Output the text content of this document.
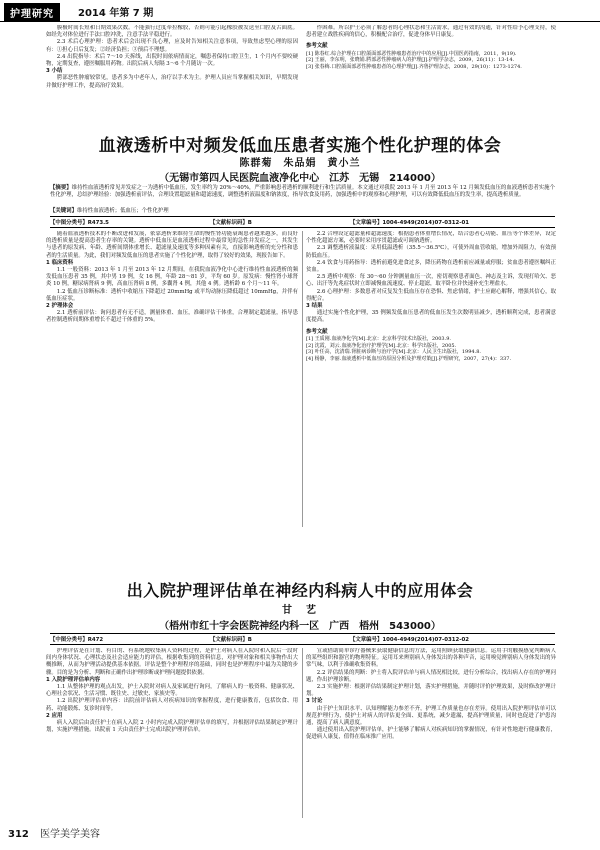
护理研究	2014 年第 7 期

膜极时间长短和日期效果次数。不能强行过度牵拉橡胶，否则可能引起橡胶被发送至口腔及舌面底。如经先对体位进行手法口腔冲洗，注意手法平稳进行。

2.3 术后心理护理：患者术后会出现不良心理，应及时告知相关注意事项，导致焦虑型心理的原因有：①担心日后复发；②经济负担；③预后不理想。

2.4 出院指导：术后 7～10 天拆线，出院时间依病情而定，嘱患者保持口腔卫生，1 个月内不要咬硬物，定期复查，遵医嘱服用药物。出院后病人每隔 3～6 个月随访一次。

3 小结

腭部恶性肿瘤较常见，患者多为中老年人，治疗以手术为主。护理人员应当掌握相关知识，早期发现并做好护理工作，提高治疗效果。

作困难。所以护士必须了解患者的心理状态和生活需求，通过有效的沟通，针对性给予心理支持，使患者建立战胜疾病的信心，积极配合治疗，促进身体早日康复。

参考文献

[1] 陈春红.综合护理在口腔颌面部恶性肿瘤患者治疗中的应用[J].中国医药指南，2011，9(19).
[2] 王丽，李东明，张晓娟.腭部恶性肿瘤病人的护理[J].护理学杂志，2009，26(11)：13-14.
[3] 张春梅.口腔颌面部恶性肿瘤患者的心理护理[J].齐鲁护理杂志，2008，29(10)：1273-1274.
血液透析中对频发低血压患者实施个性化护理的体会
陈群菊　朱品娟　黄小兰
（无锡市第四人民医院血液净化中心　江苏　无锡　214000）
【摘要】维持性血液透析常见并发症之一为透析中低血压，发生率约为 20%～40%，严重影响患者透析的顺利进行和生活质量。本文通过对我院 2013 年 1 月至 2013 年 12 月频发低血压的血液透析患者实施个性化护理，总结护理经验：加强透析前评估，合理设置超滤量和超滤速度，调整透析液温度和钠浓度，指导饮食及用药，加强透析中的观察和心理护理，可以有效降低低血压的发生率，提高透析质量。
【关键词】维持性血液透析；低血压；个性化护理
【中图分类号】R473.5	【文献标识码】B	【文章编号】1004-4949(2014)07-0312-01

随着血液透析技术的不断改进和发展，依靠透析来维持生命的慢性肾功能衰竭患者越来越多，而良好的透析质量是提高患者生存率的关键。透析中低血压是血液透析过程中最常见的急性并发症之一，其发生与患者的原发病、年龄、透析间期体重增长、超滤量及速度等多种因素有关，直接影响透析的充分性和患者的生活质量。为此，我们对频发低血压的患者实施了个性化护理，取得了较好的效果，现报告如下。

1 临床资料

1.1 一般资料：2013 年 1 月至 2013 年 12 月期间，在我院血液净化中心进行维持性血液透析的频发低血压患者 35 例，其中男 19 例，女 16 例，年龄 28～81 岁，平均 60 岁。原发病：慢性肾小球肾炎 10 例，糖尿病肾病 9 例，高血压肾病 8 例，多囊肾 4 例，其他 4 例。透析龄 6 个月～11 年。

1.2 低血压诊断标准：透析中收缩压下降超过 20mmHg 或平均动脉压降低超过 10mmHg，并伴有低血压症状。

2 护理体会

2.1 透析前评估：询问患者有无不适，测量体重、血压，准确评估干体重，合理制定超滤量，指导患者控制透析间期体重增长不超过干体重的 5%。

2.2 合理设定超滤量和超滤速度：根据患者体重增长情况，结合患者心功能、血压等个体差异，设定个性化超滤方案，必要时采用序贯超滤或可调钠透析。

2.3 调整透析液温度：采用低温透析（35.5～36.5℃），可使外周血管收缩，增加外周阻力，有效预防低血压。

2.4 饮食与用药指导：透析前避免进食过多，降压药物在透析前应减量或停服；贫血患者遵医嘱纠正贫血。

2.5 透析中观察：每 30～60 分钟测量血压一次，密切观察患者面色、神志及主诉，发现打哈欠、恶心、出汗等先兆症状时立即减慢血流速度、停止超滤，取平卧位并快速补充生理盐水。

2.6 心理护理：多数患者对反复发生低血压存在恐惧、焦虑情绪，护士应耐心解释，增强其信心，取得配合。

3 结果

通过实施个性化护理，35 例频发低血压患者的低血压发生次数明显减少，透析顺利完成，患者满意度提高。

参考文献

[1] 王质刚.血液净化学[M].北京：北京科学技术出版社，2003.9.
[2] 沈霞，刘云.血液净化治疗护理学[M].北京：科学出版社，2005.
[3] 叶任高，沈清瑞.肾脏病诊断与治疗学[M].北京：人民卫生出版社，1994.8.
[4] 杨静，李丽.血液透析中低血压的原因分析及护理对策[J].护理研究，2007，27(4)：337.
出入院护理评估单在神经内科病人中的应用体会
甘　艺
（梧州市红十字会医院神经内科一区　广西　梧州　543000）
【中图分类号】R472	【文献标识码】B	【文章编号】1004-4949(2014)07-0312-02

护理评估是在计划、有目的、有系统地收集病人资料的过程，是护士对病人在入院时和入院后一段时间内身体状况、心理状态及社会适应能力的评估，根据收集到的资料信息，对护理对象和相关事物作出大概推断，从而为护理活动提供基本依据。评估是整个护理程序的基础，同时也是护理程序中最为关键的步骤。目的是为分析、判断和正确作出护理诊断或护理问题提供依据。

1 入院护理评估单内容

1.1 从整体护理的观点出发，护士入院时对病人及家属进行询问，了解病人的一般资料、健康状况、心理社会状况、生活习惯、既往史、过敏史、家族史等。

1.2 出院护理评估单内容：出院前评估病人对疾病知识的掌握程度，进行健康教育，包括饮食、用药、功能锻炼、复诊时间等。

2 应用

病人入院后由责任护士在病人入院 2 小时内完成入院护理评估单的填写，并根据评估结果制定护理计划，实施护理措施。出院前 1 天由责任护士完成出院护理评估单。

宣或借助简单诊疗器械来获取健康信息的方法，运用照顾获取健康信息。运用手的触摸感觉判断病人的某些组织和器官的物理特征。运用耳来辨别病人身体发出的各种声音，运用嗅觉辨别病人身体发出的异常气味，以利于准确收集资料。

2.2 评估结果的判断：护士将入院评估单与病人情况相比较，进行分析综合，找出病人存在的护理问题，作出护理诊断。

2.3 实施护理：根据评估结果制定护理计划，落实护理措施，并随时评价护理效果，及时修改护理计划。

3 讨论

由于护士知识水平、认知理解能力参差不齐，护理工作质量也存在差异。使用出入院护理评估单可以规范护理行为，使护士对病人的评估更全面、更系统，减少遗漏，提高护理质量，同时也促进了护患沟通，提高了病人满意度。

通过使用出入院护理评估单，护士能够了解病人对疾病知识的掌握情况，有针对性地进行健康教育，促进病人康复，值得在临床推广应用。

312 医学美学美容
